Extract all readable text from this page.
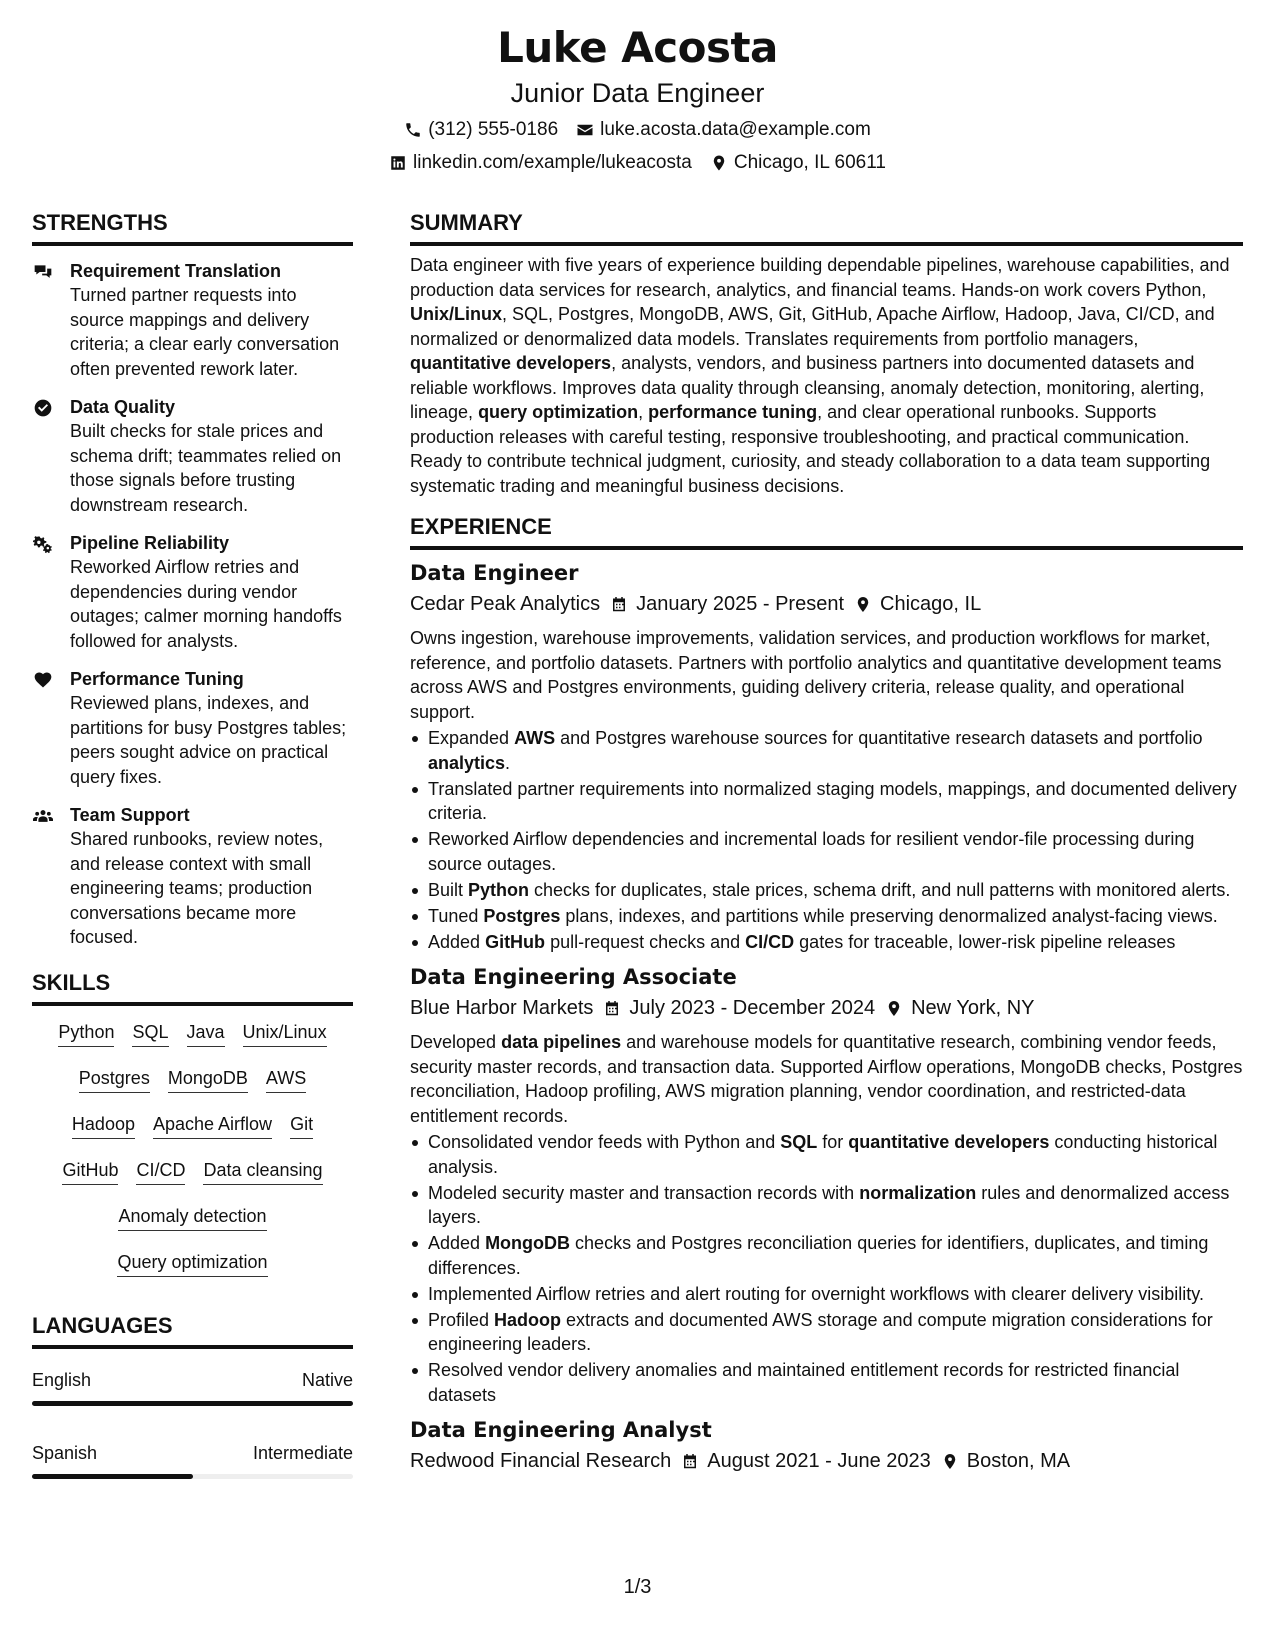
Luke Acosta
Junior Data Engineer
(312) 555-0186 luke.acosta.data@example.com
linkedin.com/example/lukeacosta Chicago, IL 60611
STRENGTHS
Requirement Translation
Turned partner requests into source mappings and delivery criteria; a clear early conversation often prevented rework later.
Data Quality
Built checks for stale prices and schema drift; teammates relied on those signals before trusting downstream research.
Pipeline Reliability
Reworked Airflow retries and dependencies during vendor outages; calmer morning handoffs followed for analysts.
Performance Tuning
Reviewed plans, indexes, and partitions for busy Postgres tables; peers sought advice on practical query fixes.
Team Support
Shared runbooks, review notes, and release context with small engineering teams; production conversations became more focused.
SKILLS
Python SQL Java Unix/Linux
Postgres MongoDB AWS
Hadoop Apache Airflow Git
GitHub CI/CD Data cleansing
Anomaly detection
Query optimization
LANGUAGES
English	Native
Spanish	Intermediate
SUMMARY
Data engineer with five years of experience building dependable pipelines, warehouse capabilities, and production data services for research, analytics, and financial teams. Hands-on work covers Python, Unix/Linux, SQL, Postgres, MongoDB, AWS, Git, GitHub, Apache Airflow, Hadoop, Java, CI/CD, and normalized or denormalized data models. Translates requirements from portfolio managers, quantitative developers, analysts, vendors, and business partners into documented datasets and reliable workflows. Improves data quality through cleansing, anomaly detection, monitoring, alerting, lineage, query optimization, performance tuning, and clear operational runbooks. Supports production releases with careful testing, responsive troubleshooting, and practical communication. Ready to contribute technical judgment, curiosity, and steady collaboration to a data team supporting systematic trading and meaningful business decisions.
EXPERIENCE
Data Engineer
Cedar Peak Analytics January 2025 - Present Chicago, IL
Owns ingestion, warehouse improvements, validation services, and production workflows for market, reference, and portfolio datasets. Partners with portfolio analytics and quantitative development teams across AWS and Postgres environments, guiding delivery criteria, release quality, and operational support.
Expanded AWS and Postgres warehouse sources for quantitative research datasets and portfolio analytics.
Translated partner requirements into normalized staging models, mappings, and documented delivery criteria.
Reworked Airflow dependencies and incremental loads for resilient vendor-file processing during source outages.
Built Python checks for duplicates, stale prices, schema drift, and null patterns with monitored alerts.
Tuned Postgres plans, indexes, and partitions while preserving denormalized analyst-facing views.
Added GitHub pull-request checks and CI/CD gates for traceable, lower-risk pipeline releases
Data Engineering Associate
Blue Harbor Markets July 2023 - December 2024 New York, NY
Developed data pipelines and warehouse models for quantitative research, combining vendor feeds, security master records, and transaction data. Supported Airflow operations, MongoDB checks, Postgres reconciliation, Hadoop profiling, AWS migration planning, vendor coordination, and restricted-data entitlement records.
Consolidated vendor feeds with Python and SQL for quantitative developers conducting historical analysis.
Modeled security master and transaction records with normalization rules and denormalized access layers.
Added MongoDB checks and Postgres reconciliation queries for identifiers, duplicates, and timing differences.
Implemented Airflow retries and alert routing for overnight workflows with clearer delivery visibility.
Profiled Hadoop extracts and documented AWS storage and compute migration considerations for engineering leaders.
Resolved vendor delivery anomalies and maintained entitlement records for restricted financial datasets
Data Engineering Analyst
Redwood Financial Research August 2021 - June 2023 Boston, MA
1/3
